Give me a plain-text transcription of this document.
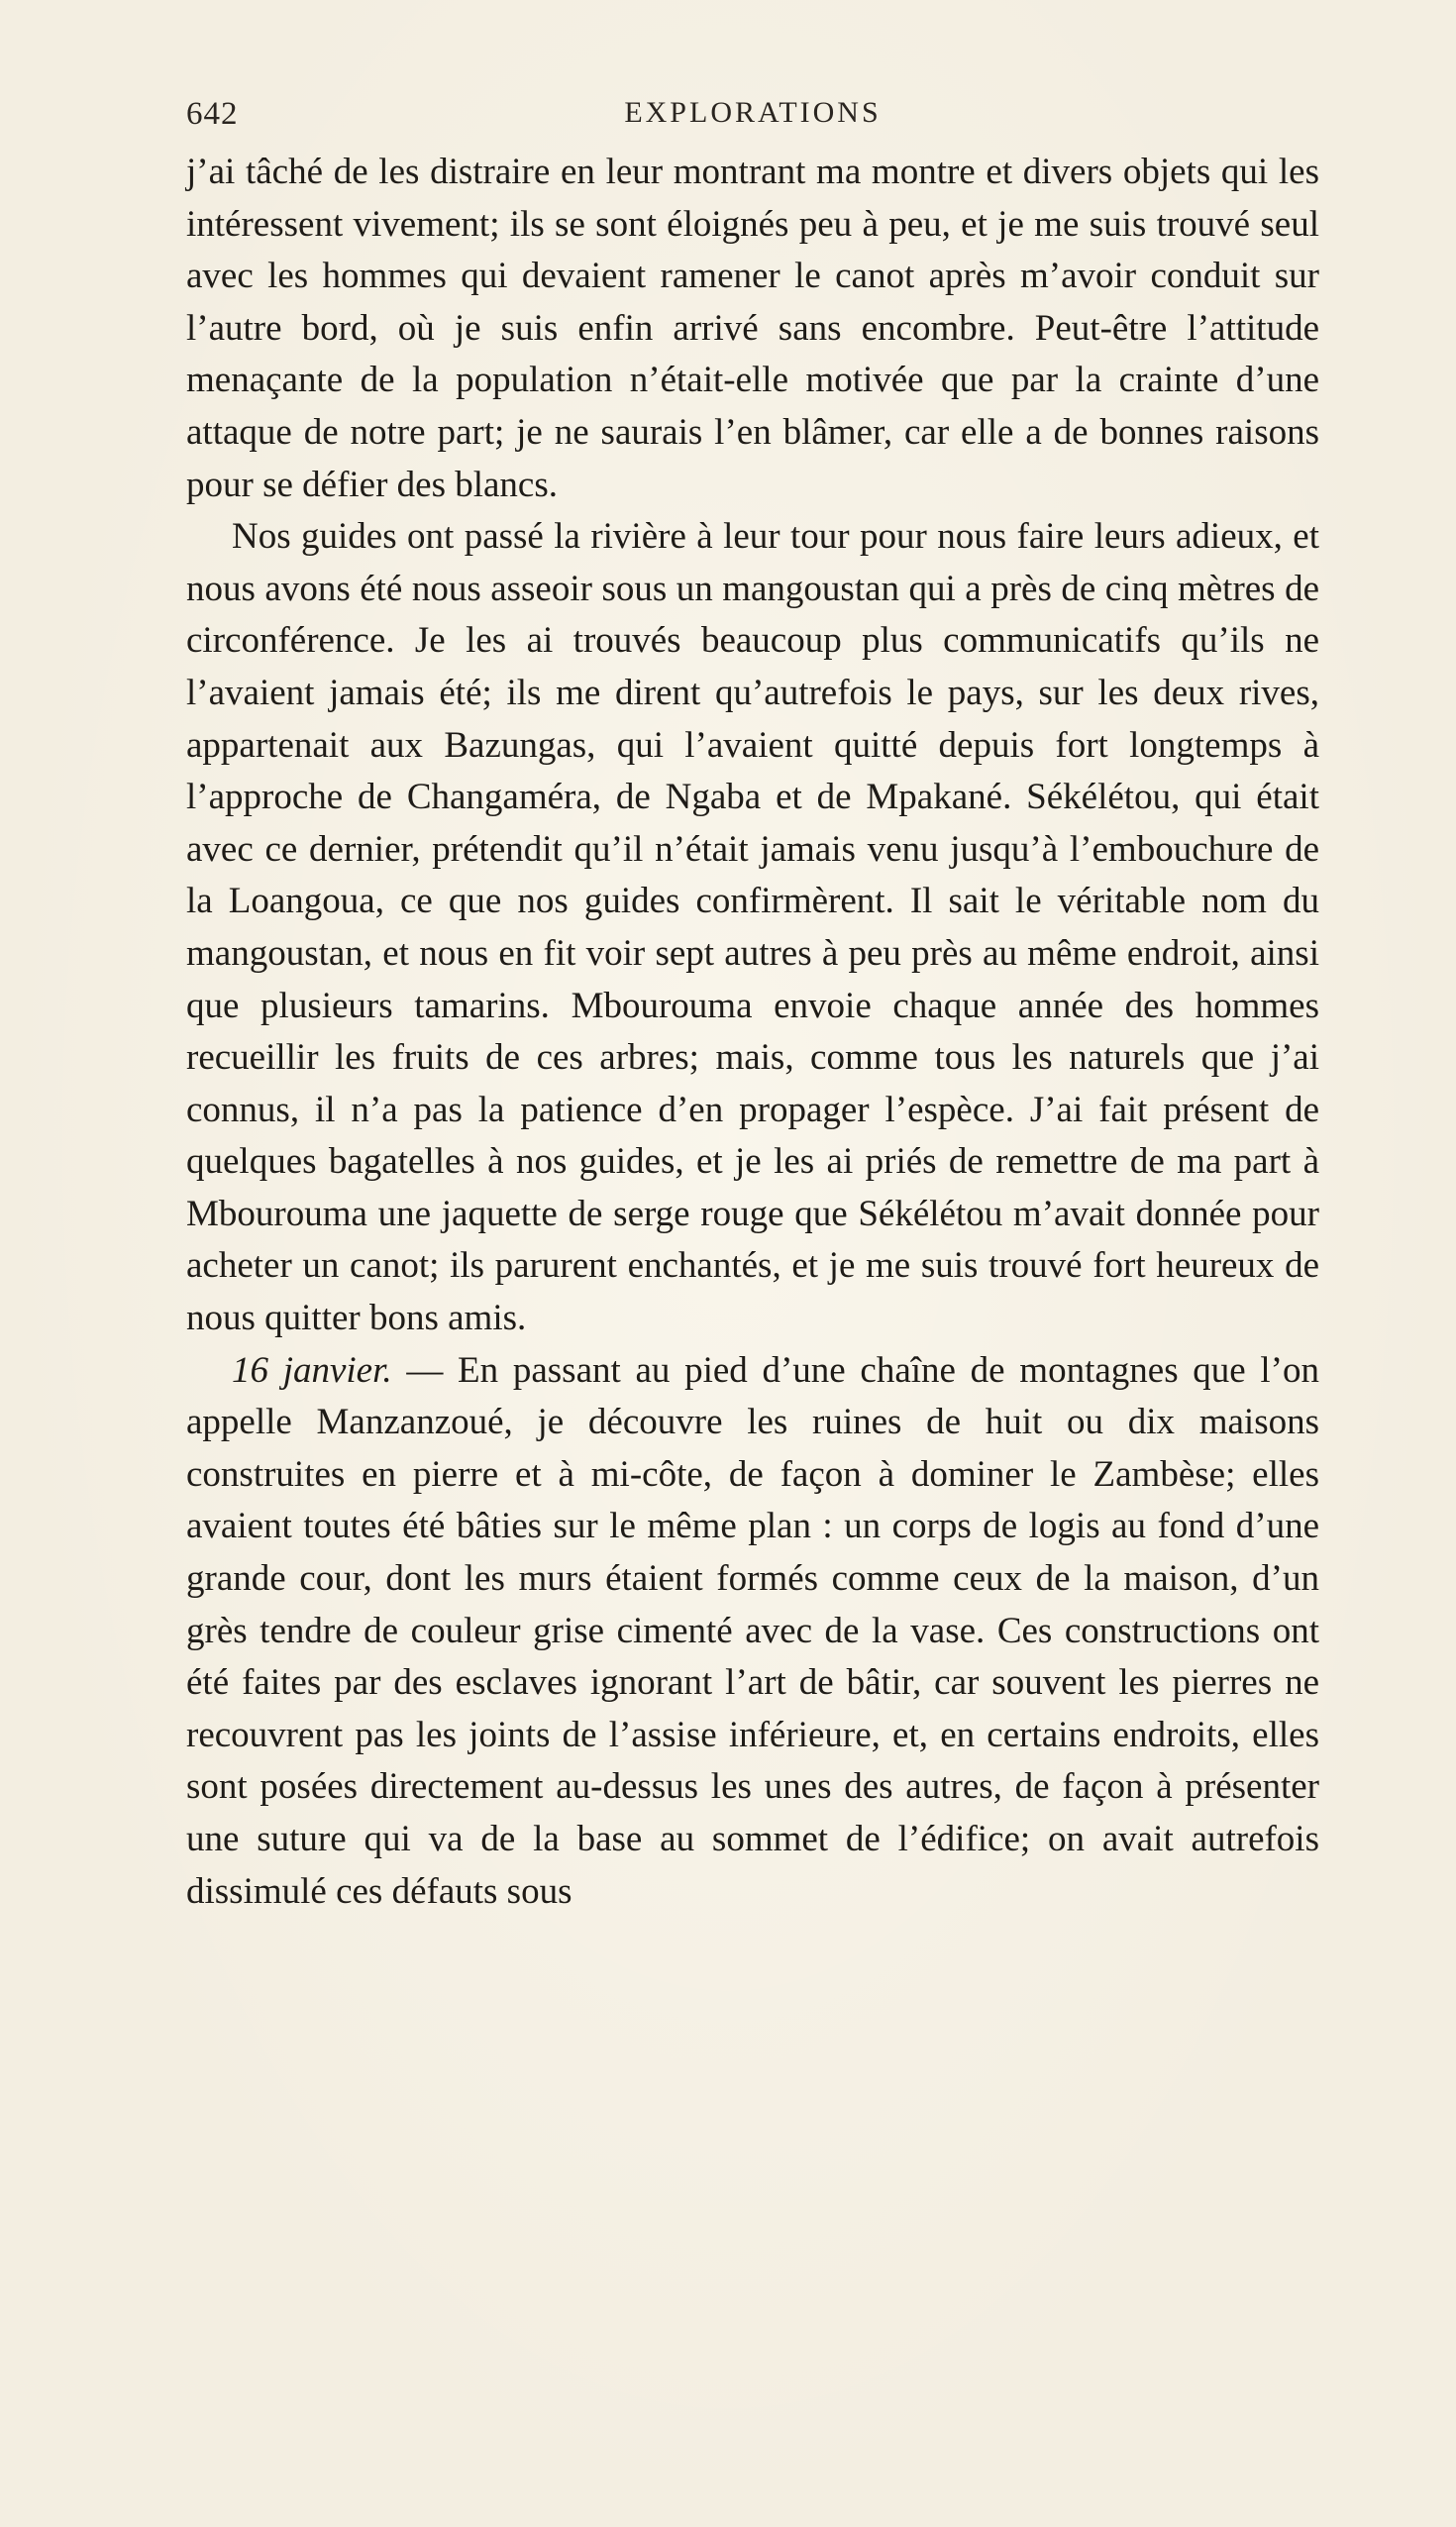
642	EXPLORATIONS

j’ai tâché de les distraire en leur montrant ma montre et divers objets qui les intéressent vivement; ils se sont éloignés peu à peu, et je me suis trouvé seul avec les hommes qui devaient ramener le canot après m’avoir conduit sur l’autre bord, où je suis enfin arrivé sans encombre. Peut-être l’attitude menaçante de la population n’était-elle motivée que par la crainte d’une attaque de notre part; je ne saurais l’en blâmer, car elle a de bonnes raisons pour se défier des blancs.

Nos guides ont passé la rivière à leur tour pour nous faire leurs adieux, et nous avons été nous asseoir sous un mangoustan qui a près de cinq mètres de circonférence. Je les ai trouvés beaucoup plus communicatifs qu’ils ne l’avaient jamais été; ils me dirent qu’autrefois le pays, sur les deux rives, appartenait aux Bazungas, qui l’avaient quitté depuis fort longtemps à l’approche de Changaméra, de Ngaba et de Mpakané. Sékélétou, qui était avec ce dernier, prétendit qu’il n’était jamais venu jusqu’à l’embouchure de la Loangoua, ce que nos guides confirmèrent. Il sait le véritable nom du mangoustan, et nous en fit voir sept autres à peu près au même endroit, ainsi que plusieurs tamarins. Mbourouma envoie chaque année des hommes recueillir les fruits de ces arbres; mais, comme tous les naturels que j’ai connus, il n’a pas la patience d’en propager l’espèce. J’ai fait présent de quelques bagatelles à nos guides, et je les ai priés de remettre de ma part à Mbourouma une jaquette de serge rouge que Sékélétou m’avait donnée pour acheter un canot; ils parurent enchantés, et je me suis trouvé fort heureux de nous quitter bons amis.

16 janvier. — En passant au pied d’une chaîne de montagnes que l’on appelle Manzanzoué, je découvre les ruines de huit ou dix maisons construites en pierre et à mi-côte, de façon à dominer le Zambèse; elles avaient toutes été bâties sur le même plan : un corps de logis au fond d’une grande cour, dont les murs étaient formés comme ceux de la maison, d’un grès tendre de couleur grise cimenté avec de la vase. Ces constructions ont été faites par des esclaves ignorant l’art de bâtir, car souvent les pierres ne recouvrent pas les joints de l’assise inférieure, et, en certains endroits, elles sont posées directement au-dessus les unes des autres, de façon à présenter une suture qui va de la base au sommet de l’édifice; on avait autrefois dissimulé ces défauts sous
